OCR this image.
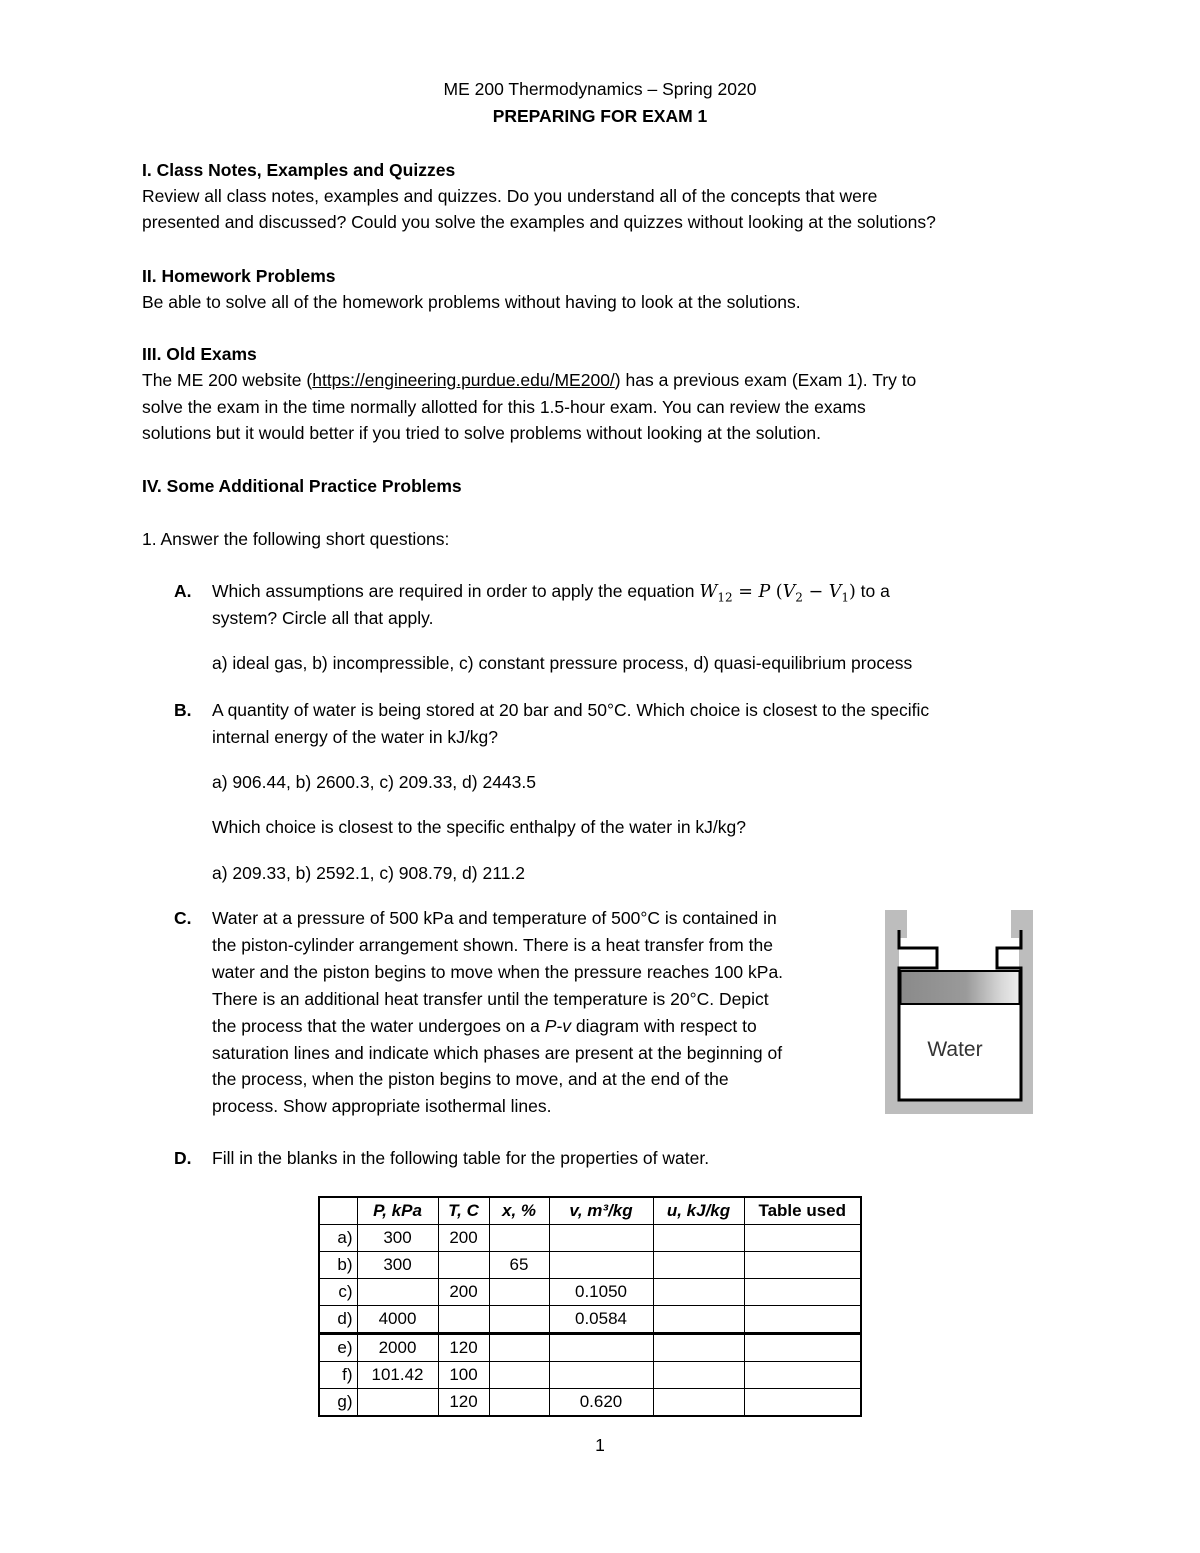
ME 200 Thermodynamics – Spring 2020
PREPARING FOR EXAM 1
I. Class Notes, Examples and Quizzes
Review all class notes, examples and quizzes. Do you understand all of the concepts that were
presented and discussed? Could you solve the examples and quizzes without looking at the solutions?
II. Homework Problems
Be able to solve all of the homework problems without having to look at the solutions.
III. Old Exams
The ME 200 website (https://engineering.purdue.edu/ME200/) has a previous exam (Exam 1). Try to
solve the exam in the time normally allotted for this 1.5-hour exam. You can review the exams
solutions but it would better if you tried to solve problems without looking at the solution.
IV. Some Additional Practice Problems
1. Answer the following short questions:
A. Which assumptions are required in order to apply the equation $W_{12} = P$ $(V_2 - V_1)$ to a
system? Circle all that apply.
a) ideal gas, b) incompressible, c) constant pressure process, d) quasi-equilibrium process
B. A quantity of water is being stored at 20 bar and 50°C. Which choice is closest to the specific
internal energy of the water in kJ/kg?
a) 906.44, b) 2600.3, c) 209.33, d) 2443.5
Which choice is closest to the specific enthalpy of the water in kJ/kg?
a) 209.33, b) 2592.1, c) 908.79, d) 211.2
C. Water at a pressure of 500 kPa and temperature of 500°C is contained in
the piston-cylinder arrangement shown. There is a heat transfer from the
water and the piston begins to move when the pressure reaches 100 kPa.
There is an additional heat transfer until the temperature is 20°C. Depict
the process that the water undergoes on a P-v diagram with respect to
saturation lines and indicate which phases are present at the beginning of
the process, when the piston begins to move, and at the end of the
process. Show appropriate isothermal lines.
Water
D. Fill in the blanks in the following table for the properties of water.
	P, kPa	T, C	x, %	v, m³/kg	u, kJ/kg	Table used
a)	300	200				
b)	300		65			
c)		200		0.1050		
d)	4000			0.0584		
e)	2000	120				
f)	101.42	100				
g)		120		0.620		
1
